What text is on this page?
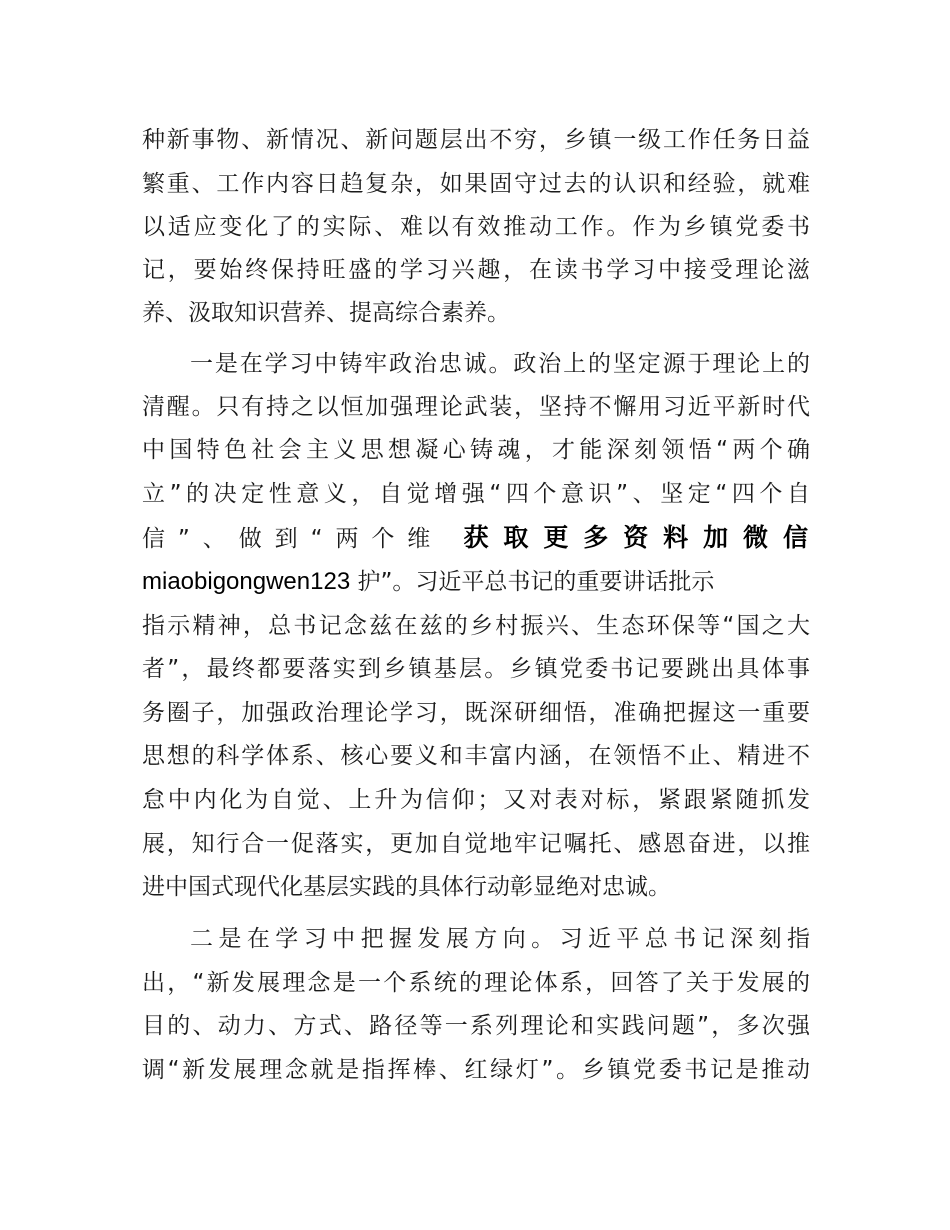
种新事物、新情况、新问题层出不穷，乡镇一级工作任务日益
繁重、工作内容日趋复杂，如果固守过去的认识和经验，就难
以适应变化了的实际、难以有效推动工作。作为乡镇党委书
记，要始终保持旺盛的学习兴趣，在读书学习中接受理论滋
养、汲取知识营养、提高综合素养。
一是在学习中铸牢政治忠诚。政治上的坚定源于理论上的
清醒。只有持之以恒加强理论武装，坚持不懈用习近平新时代
中国特色社会主义思想凝心铸魂，才能深刻领悟“两个确
立”的决定性意义，自觉增强“四个意识”、坚定“四个自
信”、做到“两个维 获取更多资料加微信
miaobigongwen123 护”。习近平总书记的重要讲话批示
指示精神，总书记念兹在兹的乡村振兴、生态环保等“国之大
者”，最终都要落实到乡镇基层。乡镇党委书记要跳出具体事
务圈子，加强政治理论学习，既深研细悟，准确把握这一重要
思想的科学体系、核心要义和丰富内涵，在领悟不止、精进不
怠中内化为自觉、上升为信仰；又对表对标，紧跟紧随抓发
展，知行合一促落实，更加自觉地牢记嘱托、感恩奋进，以推
进中国式现代化基层实践的具体行动彰显绝对忠诚。
二是在学习中把握发展方向。习近平总书记深刻指
出，“新发展理念是一个系统的理论体系，回答了关于发展的
目的、动力、方式、路径等一系列理论和实践问题”，多次强
调“新发展理念就是指挥棒、红绿灯”。乡镇党委书记是推动
